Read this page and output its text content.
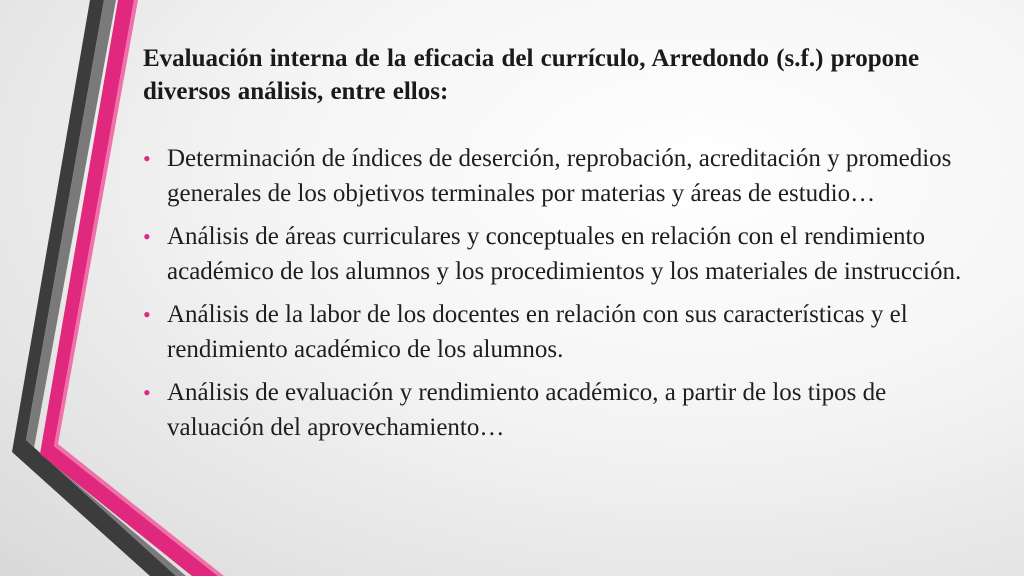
Evaluación interna de la eficacia del currículo, Arredondo (s.f.) propone diversos análisis, entre ellos:
• Determinación de índices de deserción, reprobación, acreditación y promedios generales de los objetivos terminales por materias y áreas de estudio…
• Análisis de áreas curriculares y conceptuales en relación con el rendimiento académico de los alumnos y los procedimientos y los materiales de instrucción.
• Análisis de la labor de los docentes en relación con sus características y el rendimiento académico de los alumnos.
• Análisis de evaluación y rendimiento académico, a partir de los tipos de valuación del aprovechamiento…
